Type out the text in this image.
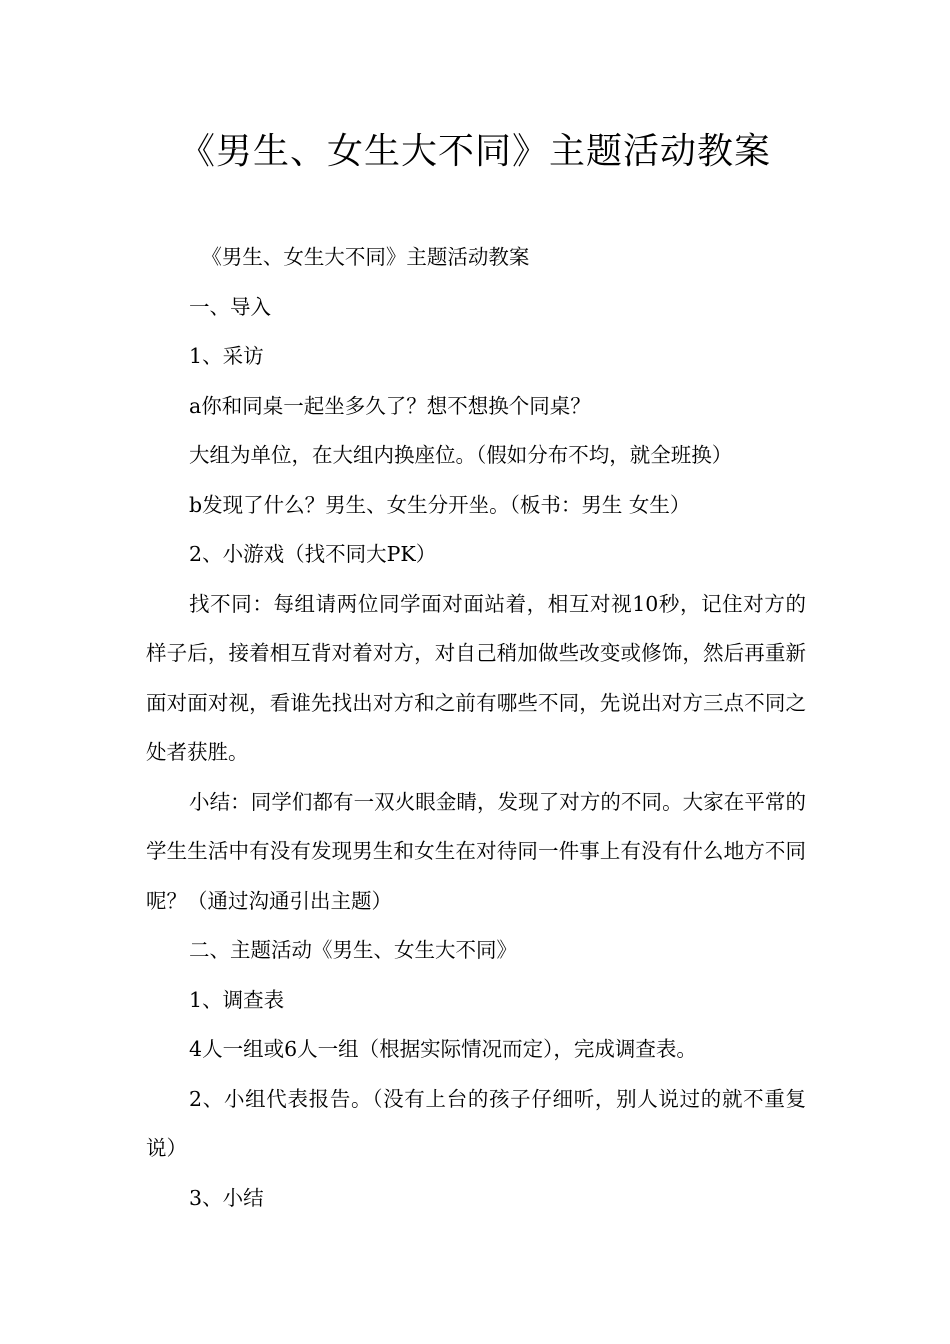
《男生、女生大不同》主题活动教案

《男生、女生大不同》主题活动教案

一、导入

1、采访

a你和同桌一起坐多久了？想不想换个同桌？

大组为单位，在大组内换座位。（假如分布不均，就全班换）

b发现了什么？男生、女生分开坐。（板书：男生 女生）

2、小游戏（找不同大PK）

找不同：每组请两位同学面对面站着，相互对视10秒，记住对方的样子后，接着相互背对着对方，对自己稍加做些改变或修饰，然后再重新面对面对视，看谁先找出对方和之前有哪些不同，先说出对方三点不同之处者获胜。

小结：同学们都有一双火眼金睛，发现了对方的不同。大家在平常的学生生活中有没有发现男生和女生在对待同一件事上有没有什么地方不同呢？（通过沟通引出主题）

二、主题活动《男生、女生大不同》

1、调查表

4人一组或6人一组（根据实际情况而定），完成调查表。

2、小组代表报告。（没有上台的孩子仔细听，别人说过的就不重复说）

3、小结
